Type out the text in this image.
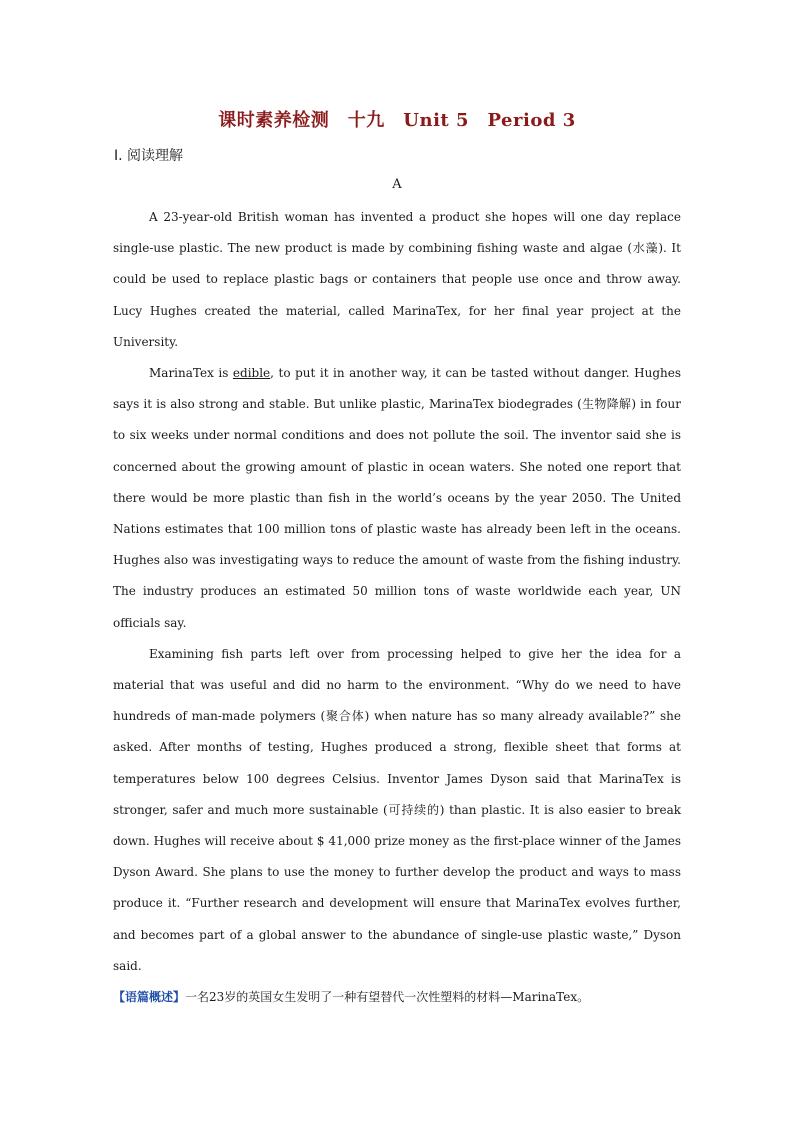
课时素养检测　十九　Unit 5　Period 3
Ⅰ. 阅读理解
A

A 23-year-old British woman has invented a product she hopes will one day replace single-use plastic. The new product is made by combining fishing waste and algae (水藻). It could be used to replace plastic bags or containers that people use once and throw away. Lucy Hughes created the material, called MarinaTex, for her final year project at the University.

MarinaTex is edible, to put it in another way, it can be tasted without danger. Hughes says it is also strong and stable. But unlike plastic, MarinaTex biodegrades (生物降解) in four to six weeks under normal conditions and does not pollute the soil. The inventor said she is concerned about the growing amount of plastic in ocean waters. She noted one report that there would be more plastic than fish in the world’s oceans by the year 2050. The United Nations estimates that 100 million tons of plastic waste has already been left in the oceans. Hughes also was investigating ways to reduce the amount of waste from the fishing industry. The industry produces an estimated 50 million tons of waste worldwide each year, UN officials say.

Examining fish parts left over from processing helped to give her the idea for a material that was useful and did no harm to the environment. “Why do we need to have hundreds of man-made polymers (聚合体) when nature has so many already available?” she asked. After months of testing, Hughes produced a strong, flexible sheet that forms at temperatures below 100 degrees Celsius. Inventor James Dyson said that MarinaTex is stronger, safer and much more sustainable (可持续的) than plastic. It is also easier to break down. Hughes will receive about $ 41,000 prize money as the first-place winner of the James Dyson Award. She plans to use the money to further develop the product and ways to mass produce it. “Further research and development will ensure that MarinaTex evolves further, and becomes part of a global answer to the abundance of single-use plastic waste,” Dyson said.

【语篇概述】一名23岁的英国女生发明了一种有望替代一次性塑料的材料—MarinaTex。
